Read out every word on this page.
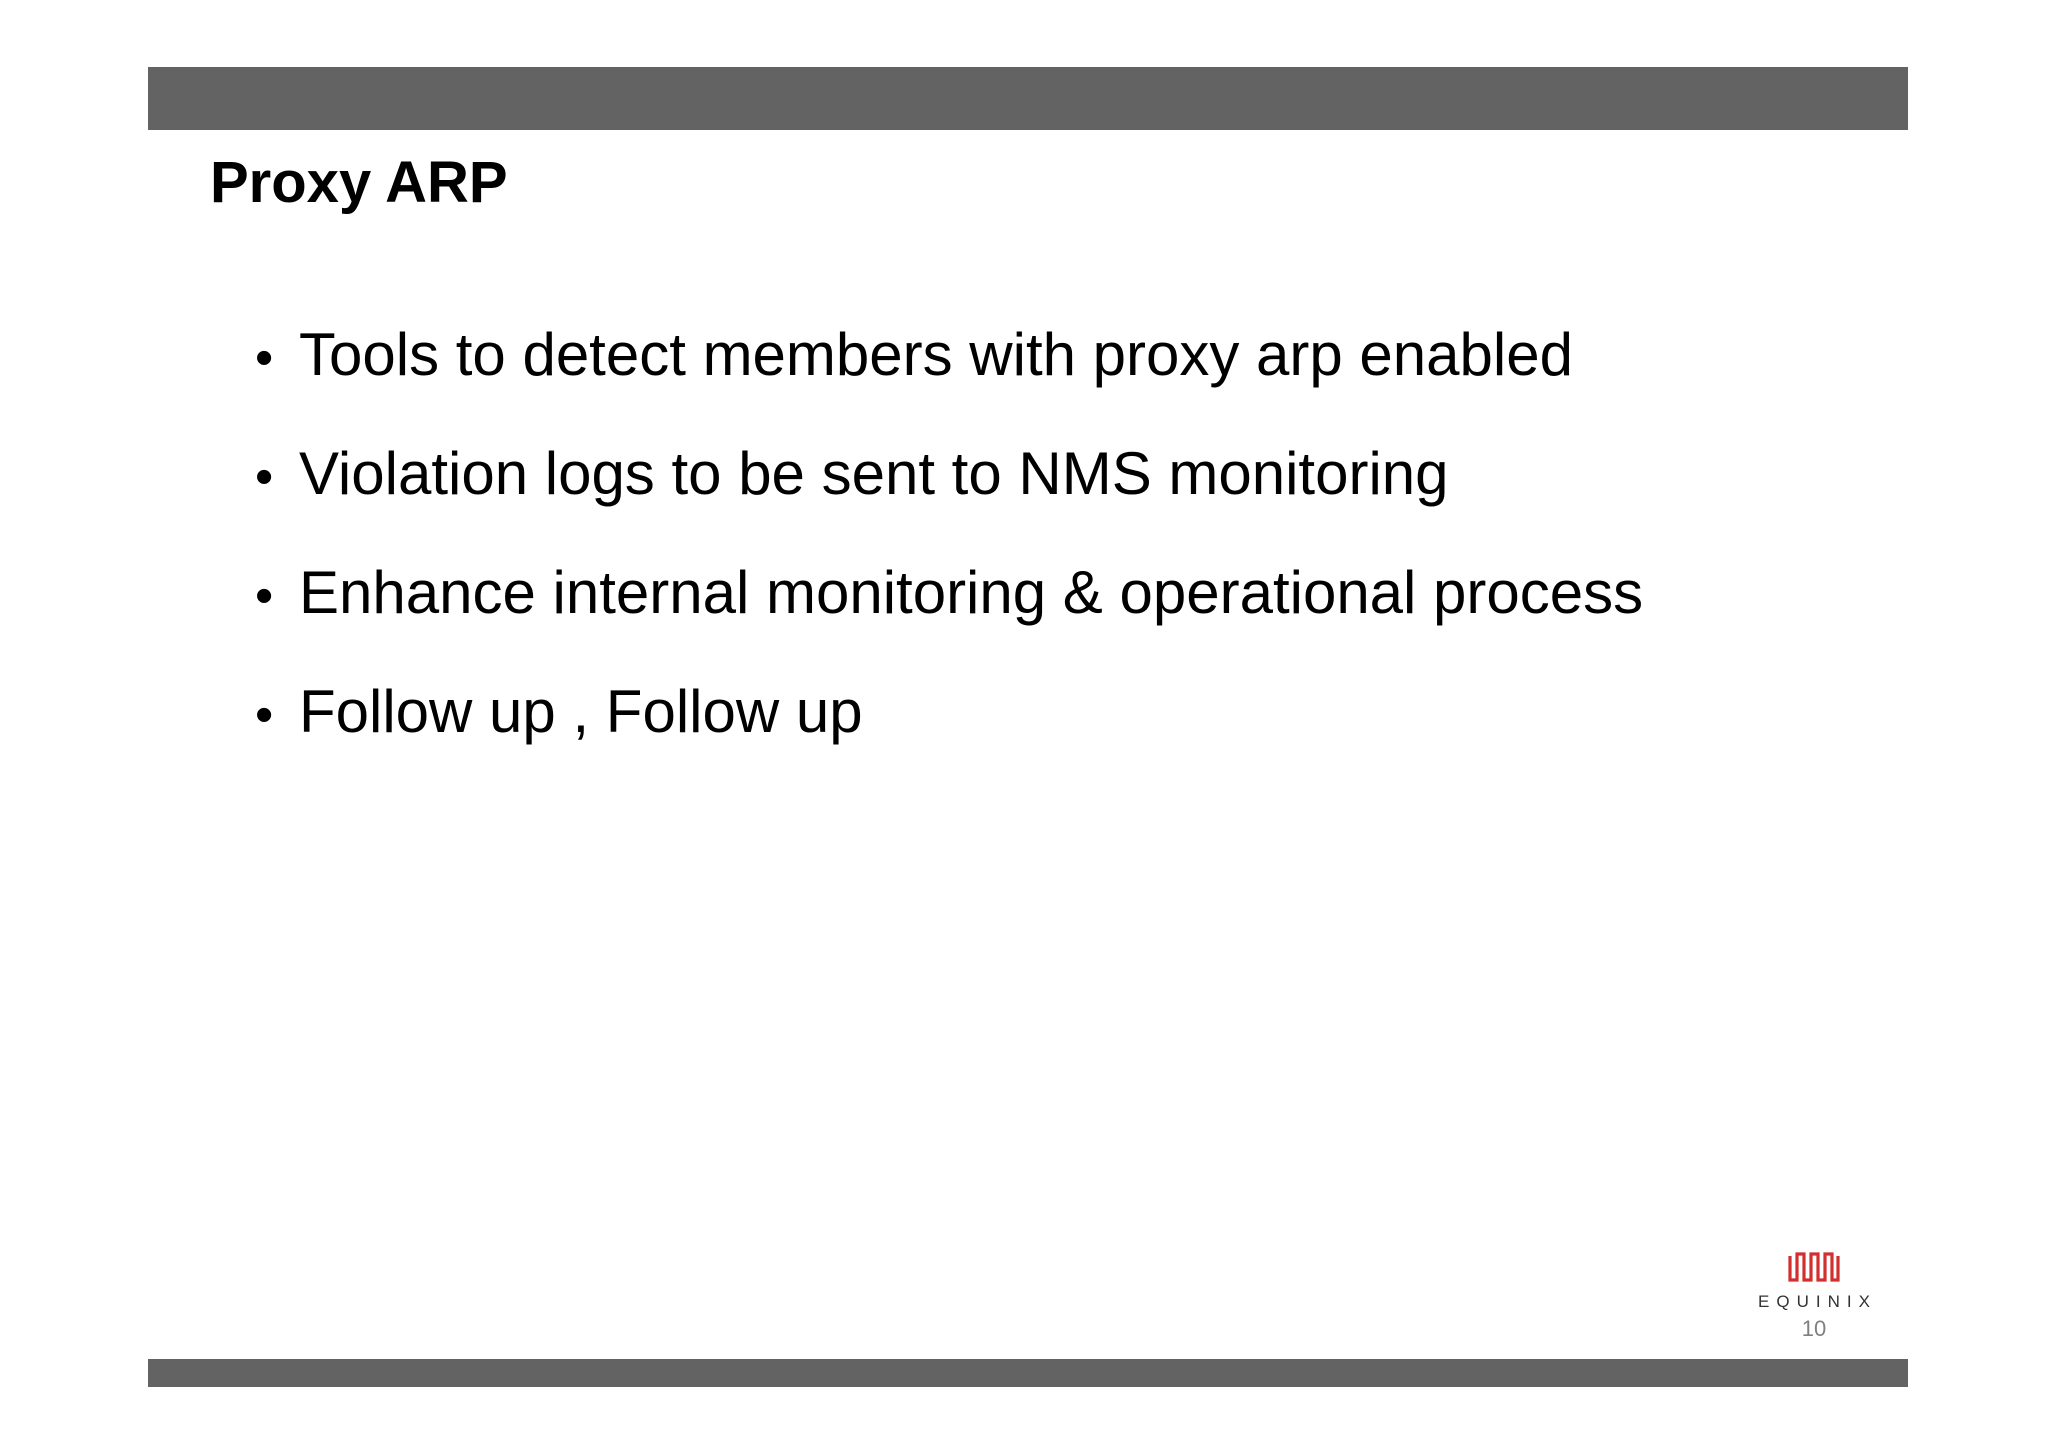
Proxy ARP
• Tools to detect members with proxy arp enabled
• Violation logs to be sent to NMS monitoring
• Enhance internal monitoring & operational process
• Follow up , Follow up
EQUINIX
10
